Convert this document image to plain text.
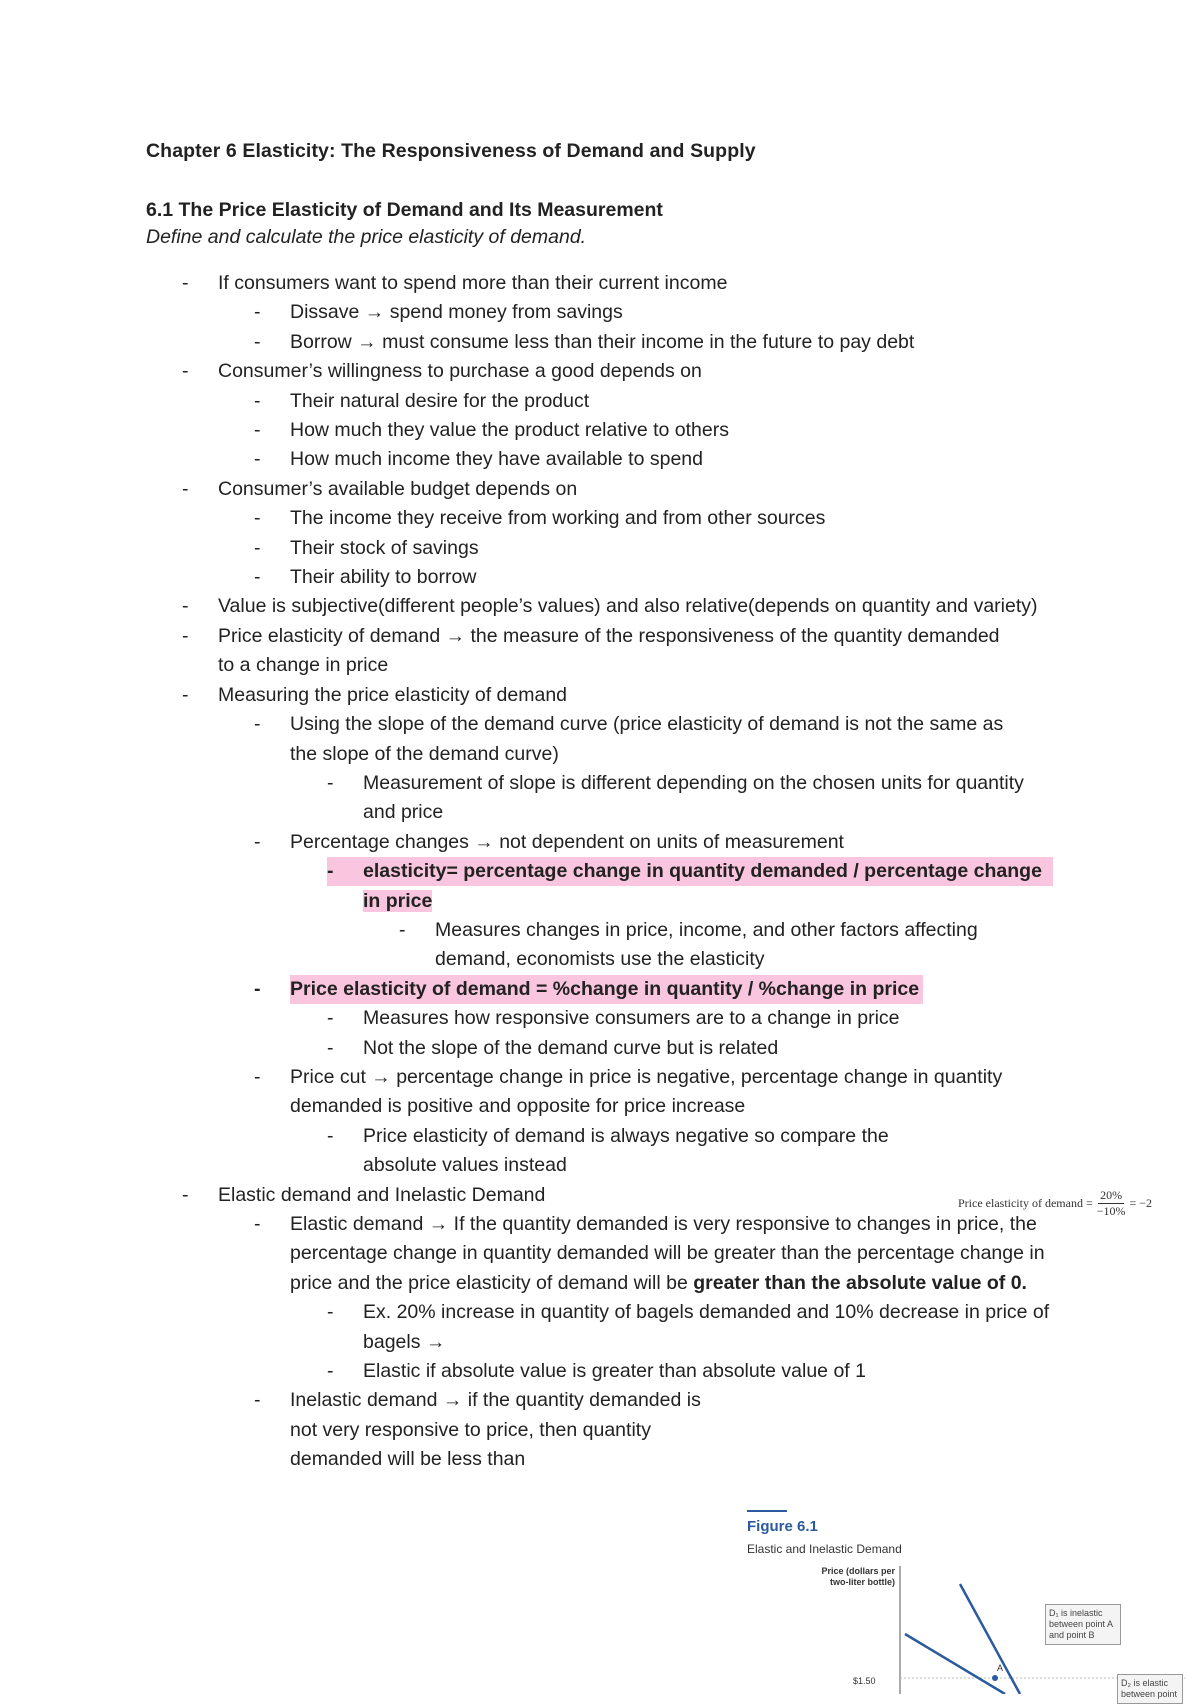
Chapter 6 Elasticity: The Responsiveness of Demand and Supply

6.1 The Price Elasticity of Demand and Its Measurement

Define and calculate the price elasticity of demand.

- If consumers want to spend more than their current income
- Dissave → spend money from savings
- Borrow → must consume less than their income in the future to pay debt
- Consumer’s willingness to purchase a good depends on
- Their natural desire for the product
- How much they value the product relative to others
- How much income they have available to spend
- Consumer’s available budget depends on
- The income they receive from working and from other sources
- Their stock of savings
- Their ability to borrow
- Value is subjective(different people’s values) and also relative(depends on quantity and variety)
- Price elasticity of demand → the measure of the responsiveness of the quantity demanded to a change in price
- Measuring the price elasticity of demand
- Using the slope of the demand curve (price elasticity of demand is not the same as the slope of the demand curve)
- Measurement of slope is different depending on the chosen units for quantity and price
- Percentage changes → not dependent on units of measurement
- elasticity= percentage change in quantity demanded / percentage change in price
- Measures changes in price, income, and other factors affecting demand, economists use the elasticity
- Price elasticity of demand = %change in quantity / %change in price
- Measures how responsive consumers are to a change in price
- Not the slope of the demand curve but is related
- Price cut → percentage change in price is negative, percentage change in quantity demanded is positive and opposite for price increase
- Price elasticity of demand is always negative so compare the absolute values instead
- Elastic demand and Inelastic Demand
- Elastic demand → If the quantity demanded is very responsive to changes in price, the percentage change in quantity demanded will be greater than the percentage change in price and the price elasticity of demand will be greater than the absolute value of 0.
- Ex. 20% increase in quantity of bagels demanded and 10% decrease in price of bagels →
- Elastic if absolute value is greater than absolute value of 1
- Inelastic demand → if the quantity demanded is not very responsive to price, then quantity demanded will be less than
Price elasticity of demand = $\frac{20\%}{-10\%} = -2$
Figure 6.1
Elastic and Inelastic Demand
Price (dollars per two-liter bottle)
A
$1.50
D₁ is inelastic between point A and point B
D₂ is elastic between point
